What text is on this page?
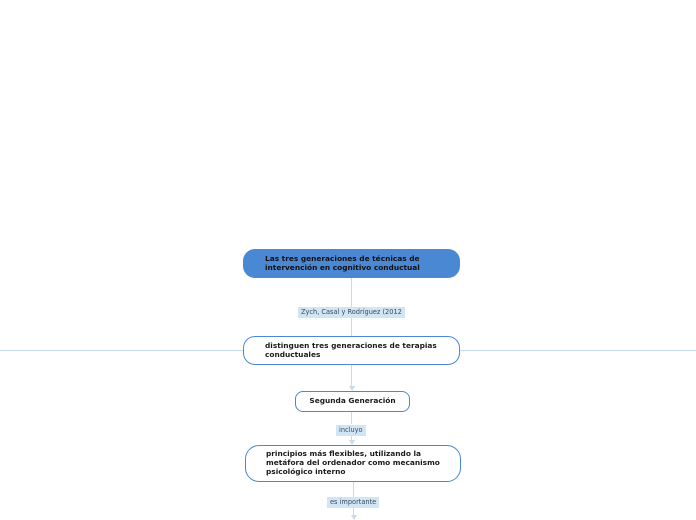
Las tres generaciones de técnicas de intervención en cognitivo conductual
Zych, Casal y Rodríguez (2012
distinguen tres generaciones de terapias conductuales
Segunda Generación
incluyo
principios más flexibles, utilizando la metáfora del ordenador como mecanismo psicológico interno
es importante
